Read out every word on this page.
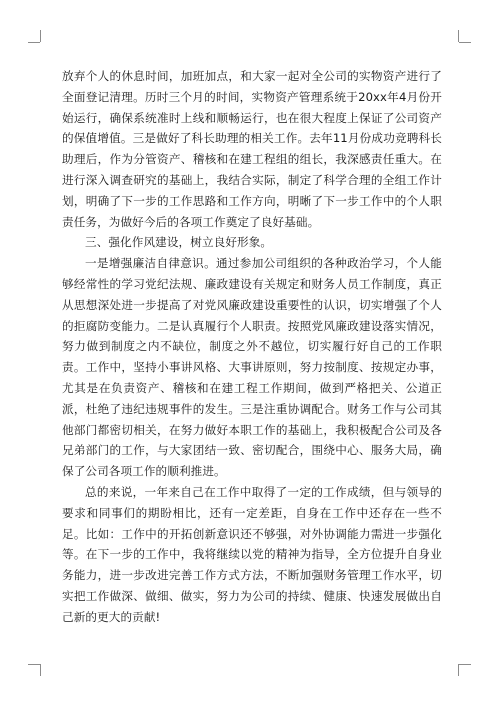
放弃个人的休息时间，加班加点，和大家一起对全公司的实物资产进行了全面登记清理。历时三个月的时间，实物资产管理系统于20xx年4月份开始运行，确保系统准时上线和顺畅运行，也在很大程度上保证了公司资产的保值增值。三是做好了科长助理的相关工作。去年11月份成功竞聘科长助理后，作为分管资产、稽核和在建工程组的组长，我深感责任重大。在进行深入调查研究的基础上，我结合实际，制定了科学合理的全组工作计划，明确了下一步的工作思路和工作方向，明晰了下一步工作中的个人职责任务，为做好今后的各项工作奠定了良好基础。

三、强化作风建设，树立良好形象。

一是增强廉洁自律意识。通过参加公司组织的各种政治学习，个人能够经常性的学习党纪法规、廉政建设有关规定和财务人员工作制度，真正从思想深处进一步提高了对党风廉政建设重要性的认识，切实增强了个人的拒腐防变能力。二是认真履行个人职责。按照党风廉政建设落实情况，努力做到制度之内不缺位，制度之外不越位，切实履行好自己的工作职责。工作中，坚持小事讲风格、大事讲原则，努力按制度、按规定办事，尤其是在负责资产、稽核和在建工程工作期间，做到严格把关、公道正派，杜绝了违纪违规事件的发生。三是注重协调配合。财务工作与公司其他部门都密切相关，在努力做好本职工作的基础上，我积极配合公司及各兄弟部门的工作，与大家团结一致、密切配合，围绕中心、服务大局，确保了公司各项工作的顺利推进。

总的来说，一年来自己在工作中取得了一定的工作成绩，但与领导的要求和同事们的期盼相比，还有一定差距，自身在工作中还存在一些不足。比如：工作中的开拓创新意识还不够强，对外协调能力需进一步强化等。在下一步的工作中，我将继续以党的精神为指导，全方位提升自身业务能力，进一步改进完善工作方式方法，不断加强财务管理工作水平，切实把工作做深、做细、做实，努力为公司的持续、健康、快速发展做出自己新的更大的贡献!
